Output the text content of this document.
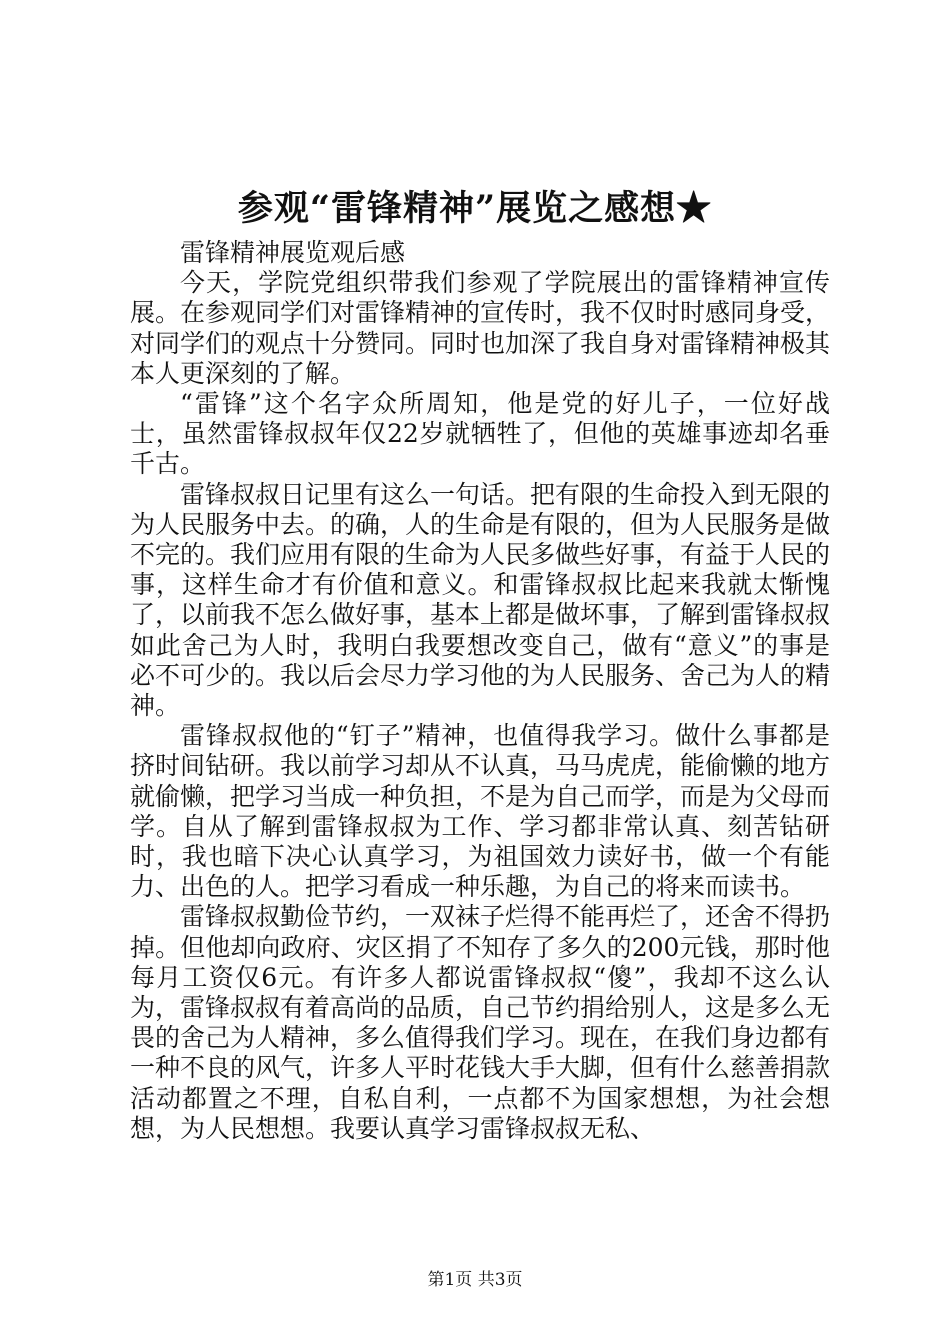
参观“雷锋精神”展览之感想★

雷锋精神展览观后感

今天，学院党组织带我们参观了学院展出的雷锋精神宣传展。在参观同学们对雷锋精神的宣传时，我不仅时时感同身受，对同学们的观点十分赞同。同时也加深了我自身对雷锋精神极其本人更深刻的了解。

“雷锋”这个名字众所周知，他是党的好儿子，一位好战士，虽然雷锋叔叔年仅22岁就牺牲了，但他的英雄事迹却名垂千古。

雷锋叔叔日记里有这么一句话。把有限的生命投入到无限的为人民服务中去。的确，人的生命是有限的，但为人民服务是做不完的。我们应用有限的生命为人民多做些好事，有益于人民的事，这样生命才有价值和意义。和雷锋叔叔比起来我就太惭愧了，以前我不怎么做好事，基本上都是做坏事，了解到雷锋叔叔如此舍己为人时，我明白我要想改变自己，做有“意义”的事是必不可少的。我以后会尽力学习他的为人民服务、舍己为人的精神。

雷锋叔叔他的“钉子”精神，也值得我学习。做什么事都是挤时间钻研。我以前学习却从不认真，马马虎虎，能偷懒的地方就偷懒，把学习当成一种负担，不是为自己而学，而是为父母而学。自从了解到雷锋叔叔为工作、学习都非常认真、刻苦钻研时，我也暗下决心认真学习，为祖国效力读好书，做一个有能力、出色的人。把学习看成一种乐趣，为自己的将来而读书。

雷锋叔叔勤俭节约，一双袜子烂得不能再烂了，还舍不得扔掉。但他却向政府、灾区捐了不知存了多久的200元钱，那时他每月工资仅6元。有许多人都说雷锋叔叔“傻”，我却不这么认为，雷锋叔叔有着高尚的品质，自己节约捐给别人，这是多么无畏的舍己为人精神，多么值得我们学习。现在，在我们身边都有一种不良的风气，许多人平时花钱大手大脚，但有什么慈善捐款活动都置之不理，自私自利，一点都不为国家想想，为社会想想，为人民想想。我要认真学习雷锋叔叔无私、

第1页 共3页
